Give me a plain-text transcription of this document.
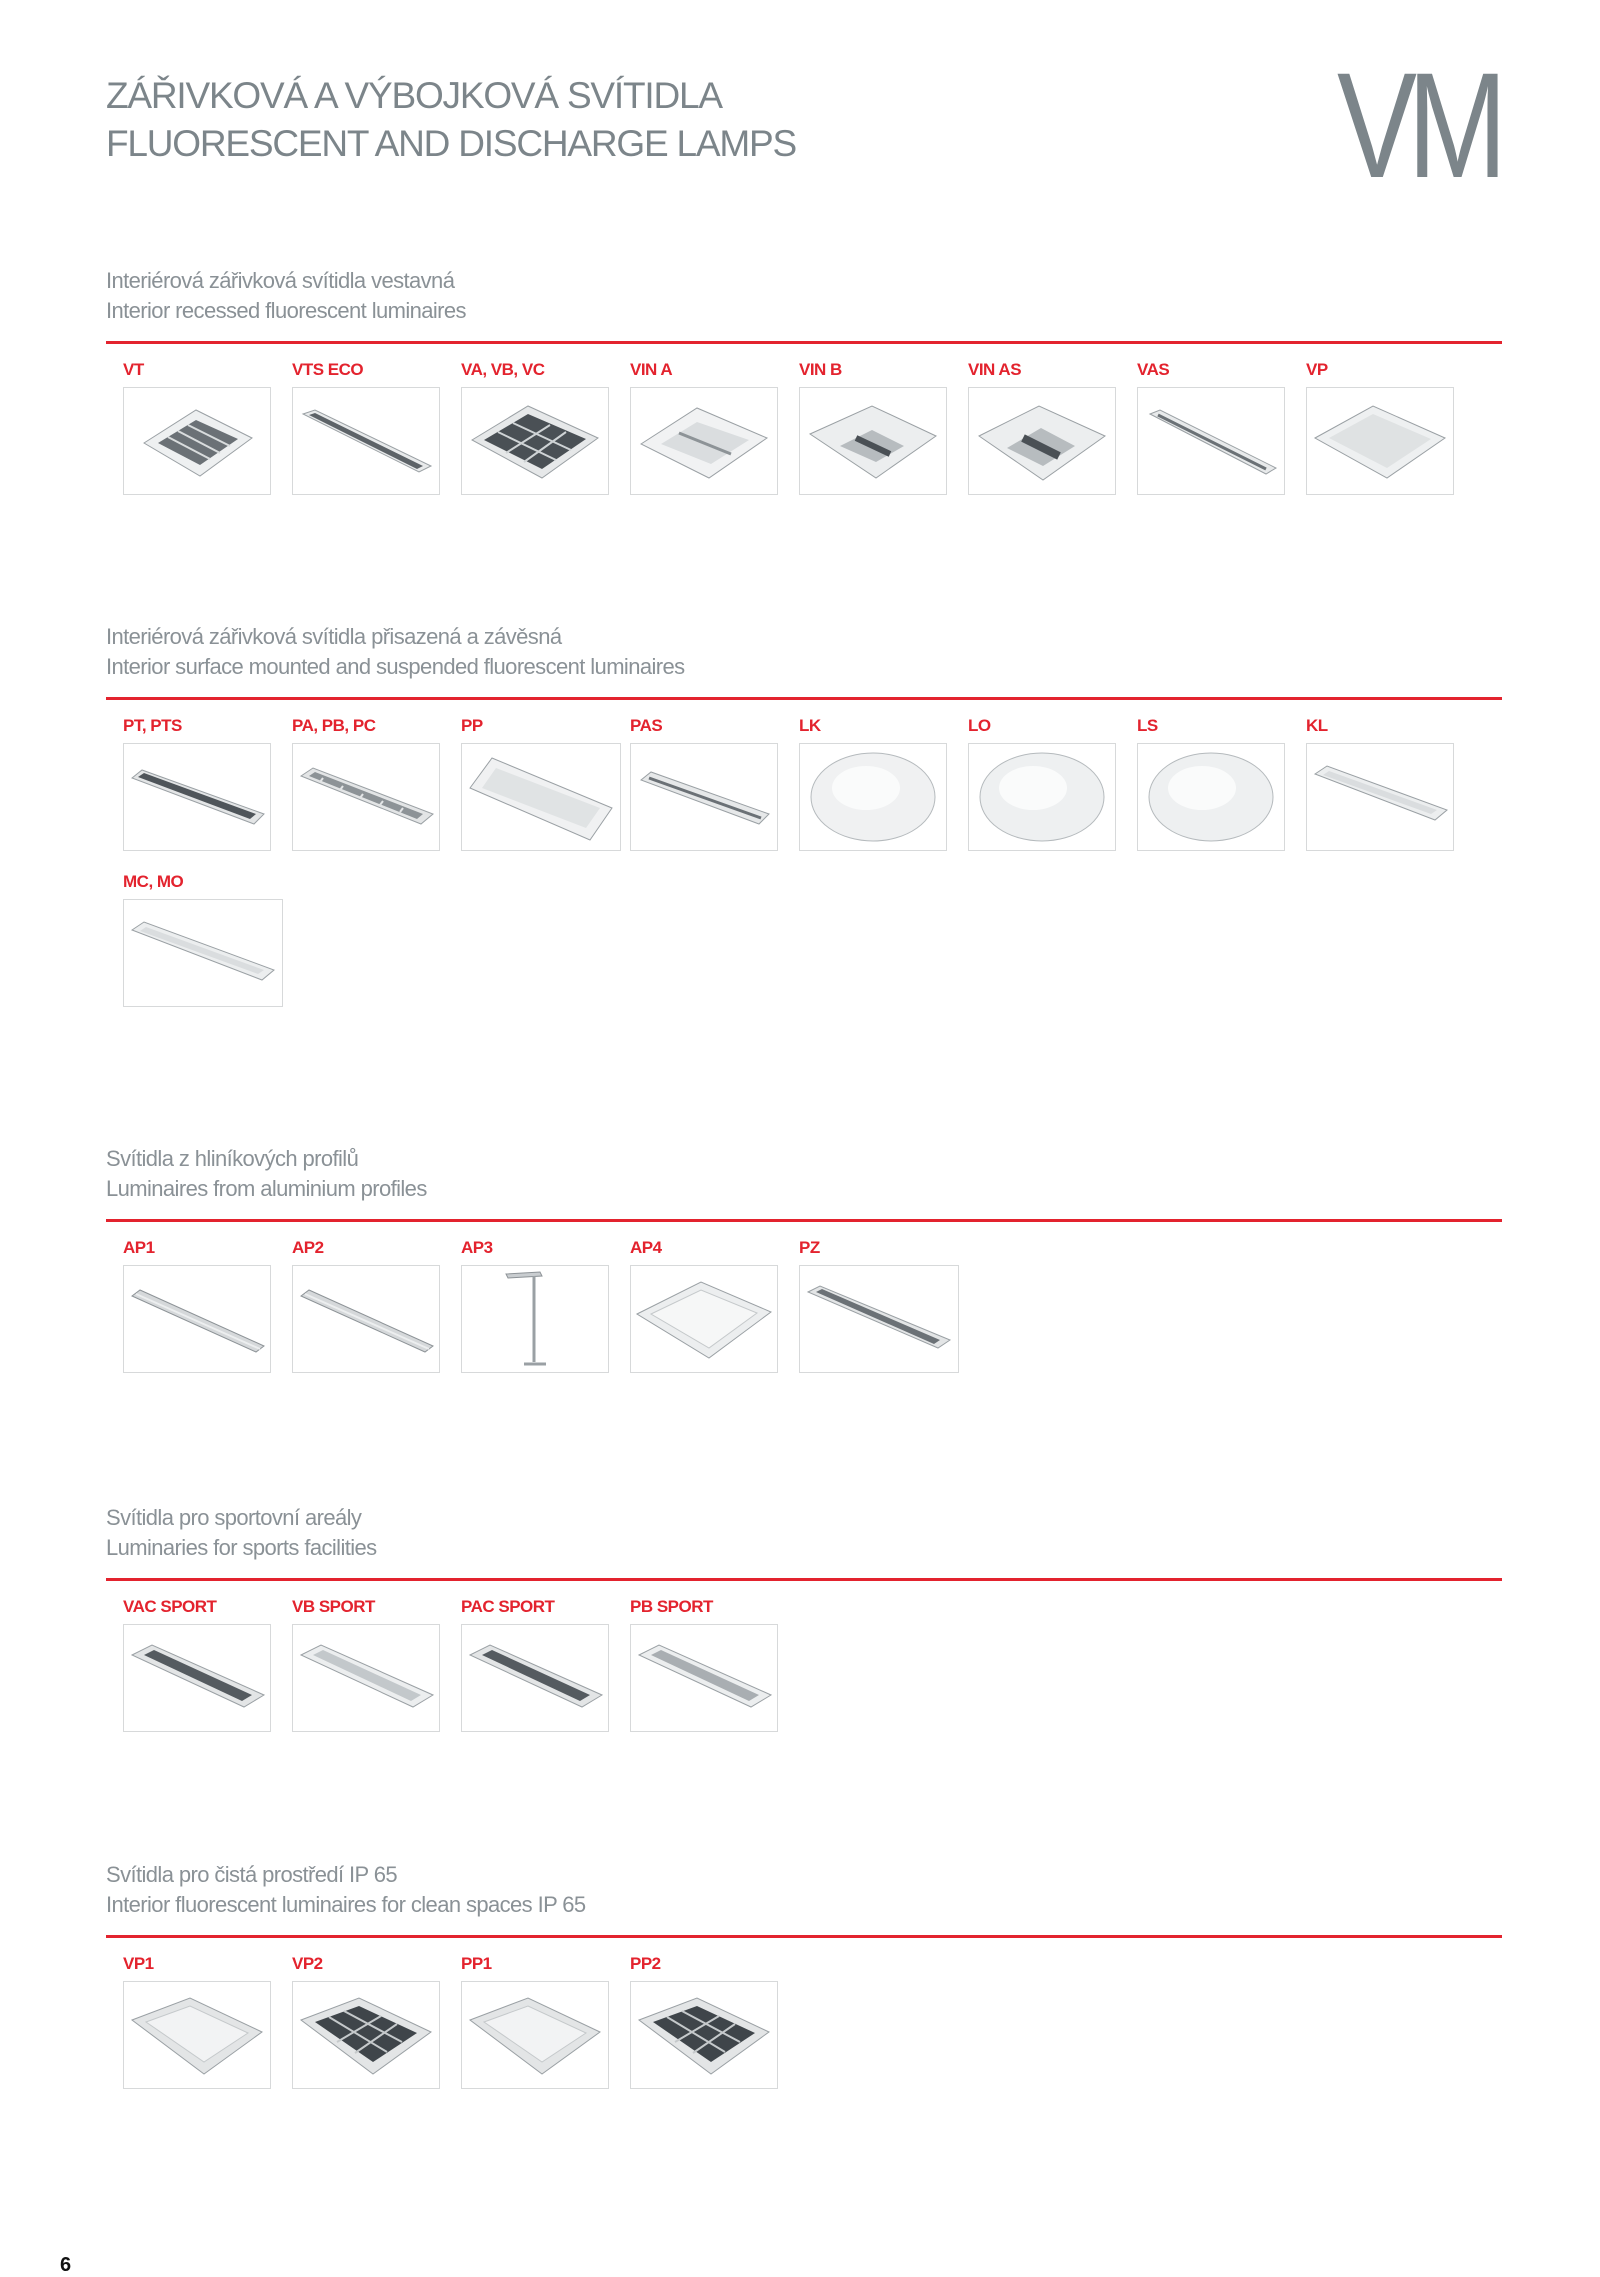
ZÁŘIVKOVÁ A VÝBOJKOVÁ SVÍTIDLA
FLUORESCENT AND DISCHARGE LAMPS	VM
Interiérová zářivková svítidla vestavná
Interior recessed fluorescent luminaires
VT	VTS ECO	VA, VB, VC	VIN A	VIN B	VIN AS	VAS	VP
Interiérová zářivková svítidla přisazená a závěsná
Interior surface mounted and suspended fluorescent luminaires
PT, PTS	PA, PB, PC	PP	PAS	LK	LO	LS	KL
MC, MO
Svítidla z hliníkových profilů
Luminaires from aluminium profiles
AP1	AP2	AP3	AP4	PZ
Svítidla pro sportovní areály
Luminaries for sports facilities
VAC SPORT	VB SPORT	PAC SPORT	PB SPORT
Svítidla pro čistá prostředí IP 65
Interior fluorescent luminaires for clean spaces IP 65
VP1	VP2	PP1	PP2
6
